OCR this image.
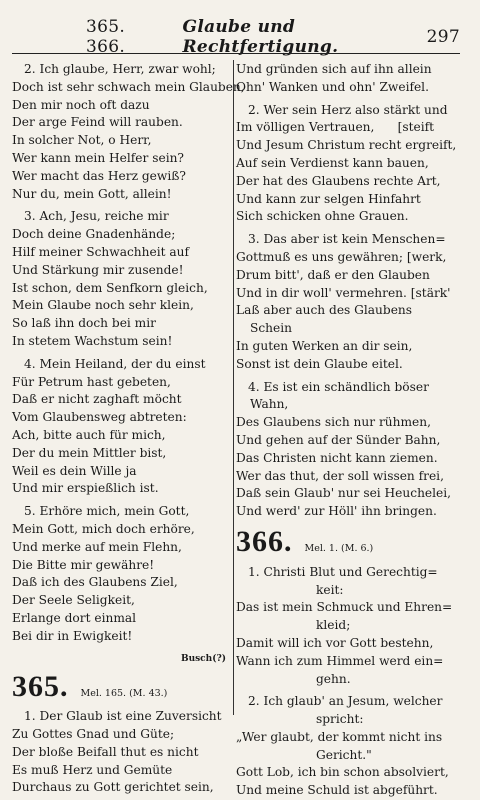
365. 366.
Glaube und Rechtfertigung.	297
2. Ich glaube, Herr, zwar wohl;
Doch ist sehr schwach mein Glauben,
Den mir noch oft dazu
Der arge Feind will rauben.
In solcher Not, o Herr,
Wer kann mein Helfer sein?
Wer macht das Herz gewiß?
Nur du, mein Gott, allein!
3. Ach, Jesu, reiche mir
Doch deine Gnadenhände;
Hilf meiner Schwachheit auf
Und Stärkung mir zusende!
Ist schon, dem Senfkorn gleich,
Mein Glaube noch sehr klein,
So laß ihn doch bei mir
In stetem Wachstum sein!
4. Mein Heiland, der du einst
Für Petrum hast gebeten,
Daß er nicht zaghaft möcht
Vom Glaubensweg abtreten:
Ach, bitte auch für mich,
Der du mein Mittler bist,
Weil es dein Wille ja
Und mir erspießlich ist.
5. Erhöre mich, mein Gott,
Mein Gott, mich doch erhöre,
Und merke auf mein Flehn,
Die Bitte mir gewähre!
Daß ich des Glaubens Ziel,
Der Seele Seligkeit,
Erlange dort einmal
Bei dir in Ewigkeit!
Busch(?)
365. Mel. 165. (M. 43.)
1. Der Glaub ist eine Zuversicht
Zu Gottes Gnad und Güte;
Der bloße Beifall thut es nicht
Es muß Herz und Gemüte
Durchaus zu Gott gerichtet sein,
Und gründen sich auf ihn allein
Ohn' Wanken und ohn' Zweifel.
2. Wer sein Herz also stärkt und
Im völligen Vertrauen,      [steift
Und Jesum Christum recht ergreift,
Auf sein Verdienst kann bauen,
Der hat des Glaubens rechte Art,
Und kann zur selgen Hinfahrt
Sich schicken ohne Grauen.
3. Das aber ist kein Menschen=
Gottmuß es uns gewähren; [werk,
Drum bitt', daß er den Glauben
Und in dir woll' vermehren. [stärk'
Laß aber auch des Glaubens
Schein
In guten Werken an dir sein,
Sonst ist dein Glaube eitel.
4. Es ist ein schändlich böser
Wahn,
Des Glaubens sich nur rühmen,
Und gehen auf der Sünder Bahn,
Das Christen nicht kann ziemen.
Wer das thut, der soll wissen frei,
Daß sein Glaub' nur sei Heuchelei,
Und werd' zur Höll' ihn bringen.
366. Mel. 1. (M. 6.)
1. Christi Blut und Gerechtig=
keit:
Das ist mein Schmuck und Ehren=
kleid;
Damit will ich vor Gott bestehn,
Wann ich zum Himmel werd ein=
gehn.
2. Ich glaub' an Jesum, welcher
spricht:
„Wer glaubt, der kommt nicht ins
Gericht."
Gott Lob, ich bin schon absolviert,
Und meine Schuld ist abgeführt.
